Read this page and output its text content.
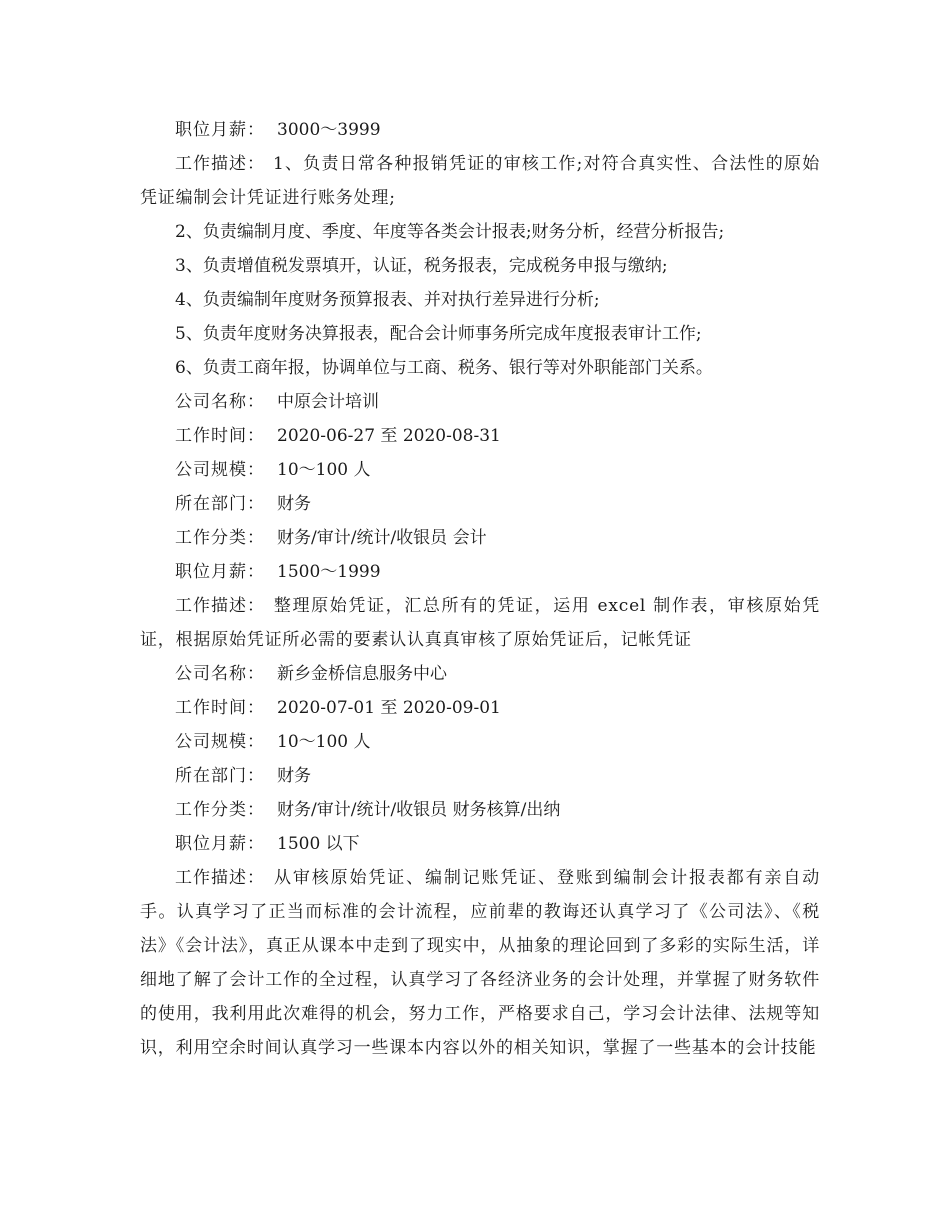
职位月薪： 3000～3999

工作描述： 1、负责日常各种报销凭证的审核工作;对符合真实性、合法性的原始凭证编制会计凭证进行账务处理;

2、负责编制月度、季度、年度等各类会计报表;财务分析，经营分析报告;

3、负责增值税发票填开，认证，税务报表，完成税务申报与缴纳;

4、负责编制年度财务预算报表、并对执行差异进行分析;

5、负责年度财务决算报表，配合会计师事务所完成年度报表审计工作;

6、负责工商年报，协调单位与工商、税务、银行等对外职能部门关系。

公司名称： 中原会计培训

工作时间： 2020-06-27 至 2020-08-31

公司规模： 10～100 人

所在部门： 财务

工作分类： 财务/审计/统计/收银员 会计

职位月薪： 1500～1999

工作描述： 整理原始凭证，汇总所有的凭证，运用 excel 制作表，审核原始凭证，根据原始凭证所必需的要素认认真真审核了原始凭证后，记帐凭证

公司名称： 新乡金桥信息服务中心

工作时间： 2020-07-01 至 2020-09-01

公司规模： 10～100 人

所在部门： 财务

工作分类： 财务/审计/统计/收银员 财务核算/出纳

职位月薪： 1500 以下

工作描述： 从审核原始凭证、编制记账凭证、登账到编制会计报表都有亲自动手。认真学习了正当而标准的会计流程，应前辈的教诲还认真学习了《公司法》、《税法》《会计法》，真正从课本中走到了现实中，从抽象的理论回到了多彩的实际生活，详细地了解了会计工作的全过程，认真学习了各经济业务的会计处理，并掌握了财务软件的使用，我利用此次难得的机会，努力工作，严格要求自己，学习会计法律、法规等知识，利用空余时间认真学习一些课本内容以外的相关知识，掌握了一些基本的会计技能
